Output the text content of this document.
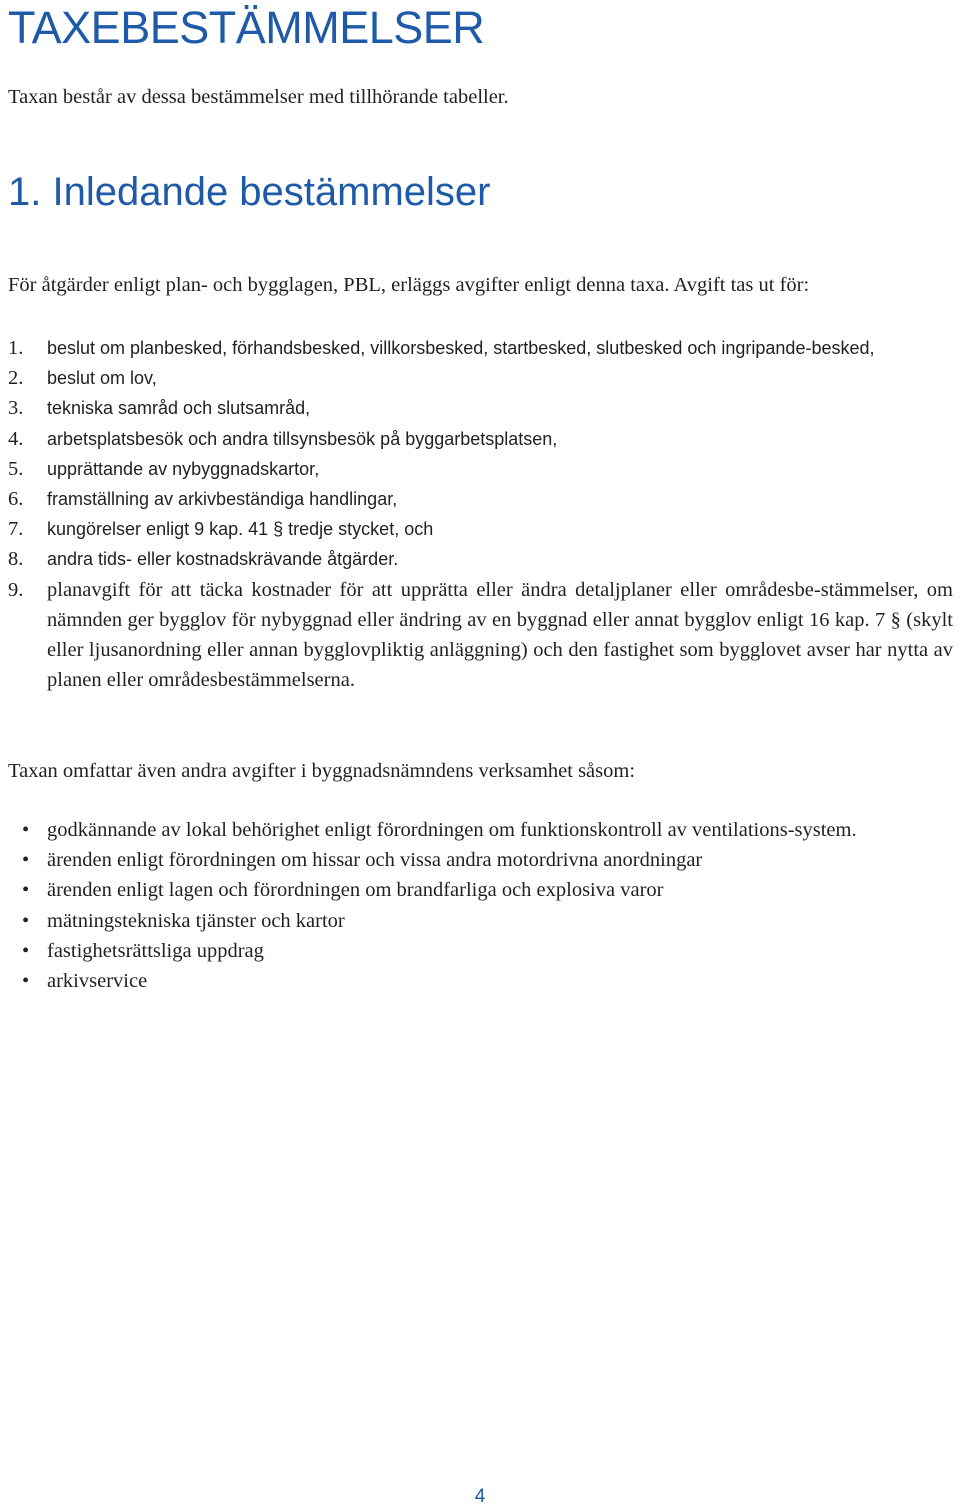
TAXEBESTÄMMELSER

Taxan består av dessa bestämmelser med tillhörande tabeller.

1. Inledande bestämmelser

För åtgärder enligt plan- och bygglagen, PBL, erläggs avgifter enligt denna taxa. Avgift tas ut för:

1. beslut om planbesked, förhandsbesked, villkorsbesked, startbesked, slutbesked och ingripande-besked,
2. beslut om lov,
3. tekniska samråd och slutsamråd,
4. arbetsplatsbesök och andra tillsynsbesök på byggarbetsplatsen,
5. upprättande av nybyggnadskartor,
6. framställning av arkivbeständiga handlingar,
7. kungörelser enligt 9 kap. 41 § tredje stycket, och
8. andra tids- eller kostnadskrävande åtgärder.
9. planavgift för att täcka kostnader för att upprätta eller ändra detaljplaner eller områdesbe-stämmelser, om nämnden ger bygglov för nybyggnad eller ändring av en byggnad eller annat bygglov enligt 16 kap. 7 § (skylt eller ljusanordning eller annan bygglovpliktig anläggning) och den fastighet som bygglovet avser har nytta av planen eller områdesbestämmelserna.

Taxan omfattar även andra avgifter i byggnadsnämndens verksamhet såsom:

• godkännande av lokal behörighet enligt förordningen om funktionskontroll av ventilations-system.
• ärenden enligt förordningen om hissar och vissa andra motordrivna anordningar
• ärenden enligt lagen och förordningen om brandfarliga och explosiva varor
• mätningstekniska tjänster och kartor
• fastighetsrättsliga uppdrag
• arkivservice

4
